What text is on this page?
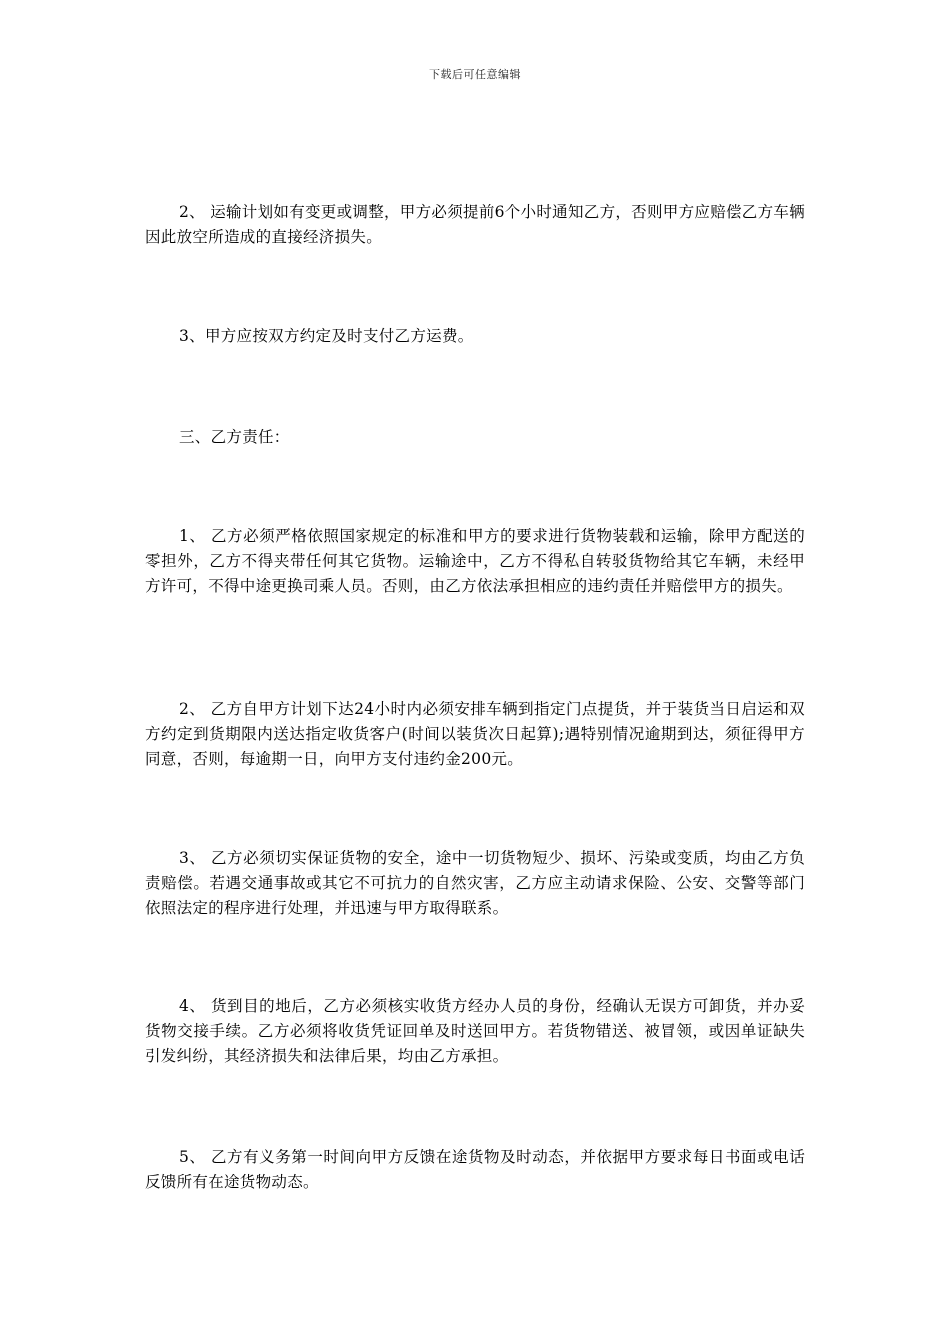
下载后可任意编辑

2、 运输计划如有变更或调整，甲方必须提前6个小时通知乙方，否则甲方应赔偿乙方车辆因此放空所造成的直接经济损失。

3、甲方应按双方约定及时支付乙方运费。

三、乙方责任：

1、 乙方必须严格依照国家规定的标准和甲方的要求进行货物装载和运输，除甲方配送的零担外，乙方不得夹带任何其它货物。运输途中，乙方不得私自转驳货物给其它车辆，未经甲方许可，不得中途更换司乘人员。否则，由乙方依法承担相应的违约责任并赔偿甲方的损失。

2、 乙方自甲方计划下达24小时内必须安排车辆到指定门点提货，并于装货当日启运和双方约定到货期限内送达指定收货客户(时间以装货次日起算);遇特别情况逾期到达，须征得甲方同意，否则，每逾期一日，向甲方支付违约金200元。

3、 乙方必须切实保证货物的安全，途中一切货物短少、损坏、污染或变质，均由乙方负责赔偿。若遇交通事故或其它不可抗力的自然灾害，乙方应主动请求保险、公安、交警等部门依照法定的程序进行处理，并迅速与甲方取得联系。

4、 货到目的地后，乙方必须核实收货方经办人员的身份，经确认无误方可卸货，并办妥货物交接手续。乙方必须将收货凭证回单及时送回甲方。若货物错送、被冒领，或因单证缺失引发纠纷，其经济损失和法律后果，均由乙方承担。

5、 乙方有义务第一时间向甲方反馈在途货物及时动态，并依据甲方要求每日书面或电话反馈所有在途货物动态。
